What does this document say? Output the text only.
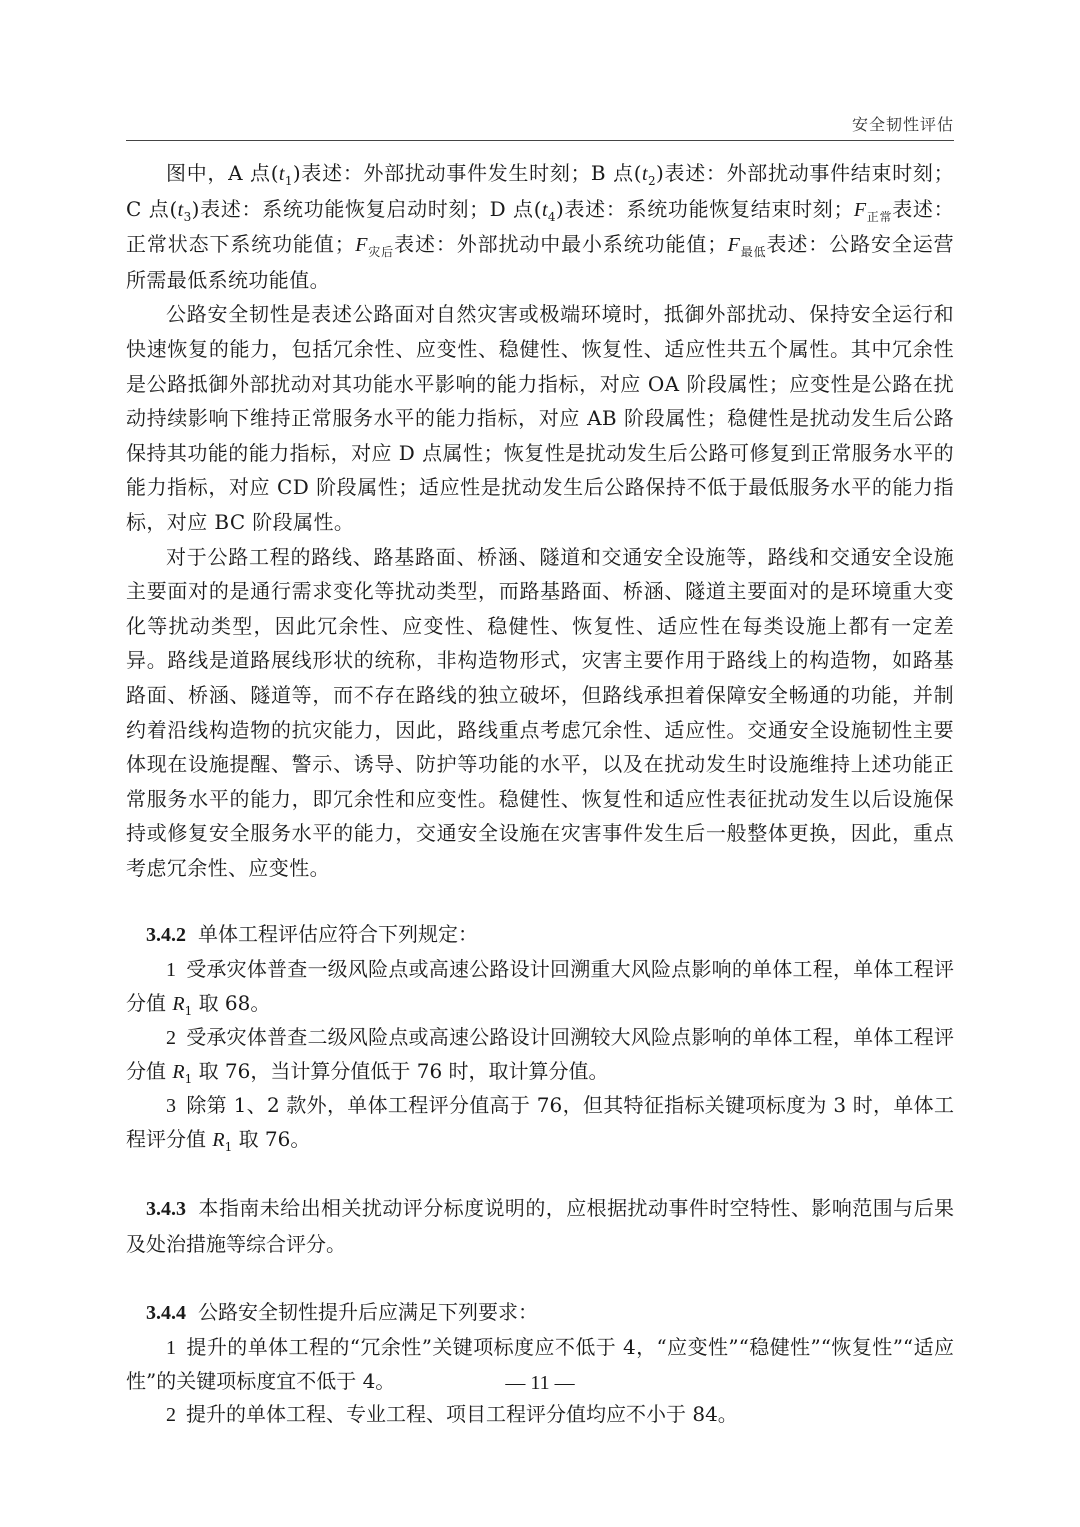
安全韧性评估

图中，A 点$(t_1)$表述：外部扰动事件发生时刻；B 点$(t_2)$表述：外部扰动事件结束时刻；C 点$(t_3)$表述：系统功能恢复启动时刻；D 点$(t_4)$表述：系统功能恢复结束时刻；$F_{正常}$表述：正常状态下系统功能值；$F_{灾后}$表述：外部扰动中最小系统功能值；$F_{最低}$表述：公路安全运营所需最低系统功能值。

公路安全韧性是表述公路面对自然灾害或极端环境时，抵御外部扰动、保持安全运行和快速恢复的能力，包括冗余性、应变性、稳健性、恢复性、适应性共五个属性。其中冗余性是公路抵御外部扰动对其功能水平影响的能力指标，对应 OA 阶段属性；应变性是公路在扰动持续影响下维持正常服务水平的能力指标，对应 AB 阶段属性；稳健性是扰动发生后公路保持其功能的能力指标，对应 D 点属性；恢复性是扰动发生后公路可修复到正常服务水平的能力指标，对应 CD 阶段属性；适应性是扰动发生后公路保持不低于最低服务水平的能力指标，对应 BC 阶段属性。

对于公路工程的路线、路基路面、桥涵、隧道和交通安全设施等，路线和交通安全设施主要面对的是通行需求变化等扰动类型，而路基路面、桥涵、隧道主要面对的是环境重大变化等扰动类型，因此冗余性、应变性、稳健性、恢复性、适应性在每类设施上都有一定差异。路线是道路展线形状的统称，非构造物形式，灾害主要作用于路线上的构造物，如路基路面、桥涵、隧道等，而不存在路线的独立破坏，但路线承担着保障安全畅通的功能，并制约着沿线构造物的抗灾能力，因此，路线重点考虑冗余性、适应性。交通安全设施韧性主要体现在设施提醒、警示、诱导、防护等功能的水平，以及在扰动发生时设施维持上述功能正常服务水平的能力，即冗余性和应变性。稳健性、恢复性和适应性表征扰动发生以后设施保持或修复安全服务水平的能力，交通安全设施在灾害事件发生后一般整体更换，因此，重点考虑冗余性、应变性。

3.4.2 单体工程评估应符合下列规定：

1 受承灾体普查一级风险点或高速公路设计回溯重大风险点影响的单体工程，单体工程评分值 $R_1$ 取 68。

2 受承灾体普查二级风险点或高速公路设计回溯较大风险点影响的单体工程，单体工程评分值 $R_1$ 取 76，当计算分值低于 76 时，取计算分值。

3 除第 1、2 款外，单体工程评分值高于 76，但其特征指标关键项标度为 3 时，单体工程评分值 $R_1$ 取 76。

3.4.3 本指南未给出相关扰动评分标度说明的，应根据扰动事件时空特性、影响范围与后果及处治措施等综合评分。

3.4.4 公路安全韧性提升后应满足下列要求：

1 提升的单体工程的“冗余性”关键项标度应不低于 4，“应变性”“稳健性”“恢复性”“适应性”的关键项标度宜不低于 4。

2 提升的单体工程、专业工程、项目工程评分值均应不小于 84。

— 11 —
